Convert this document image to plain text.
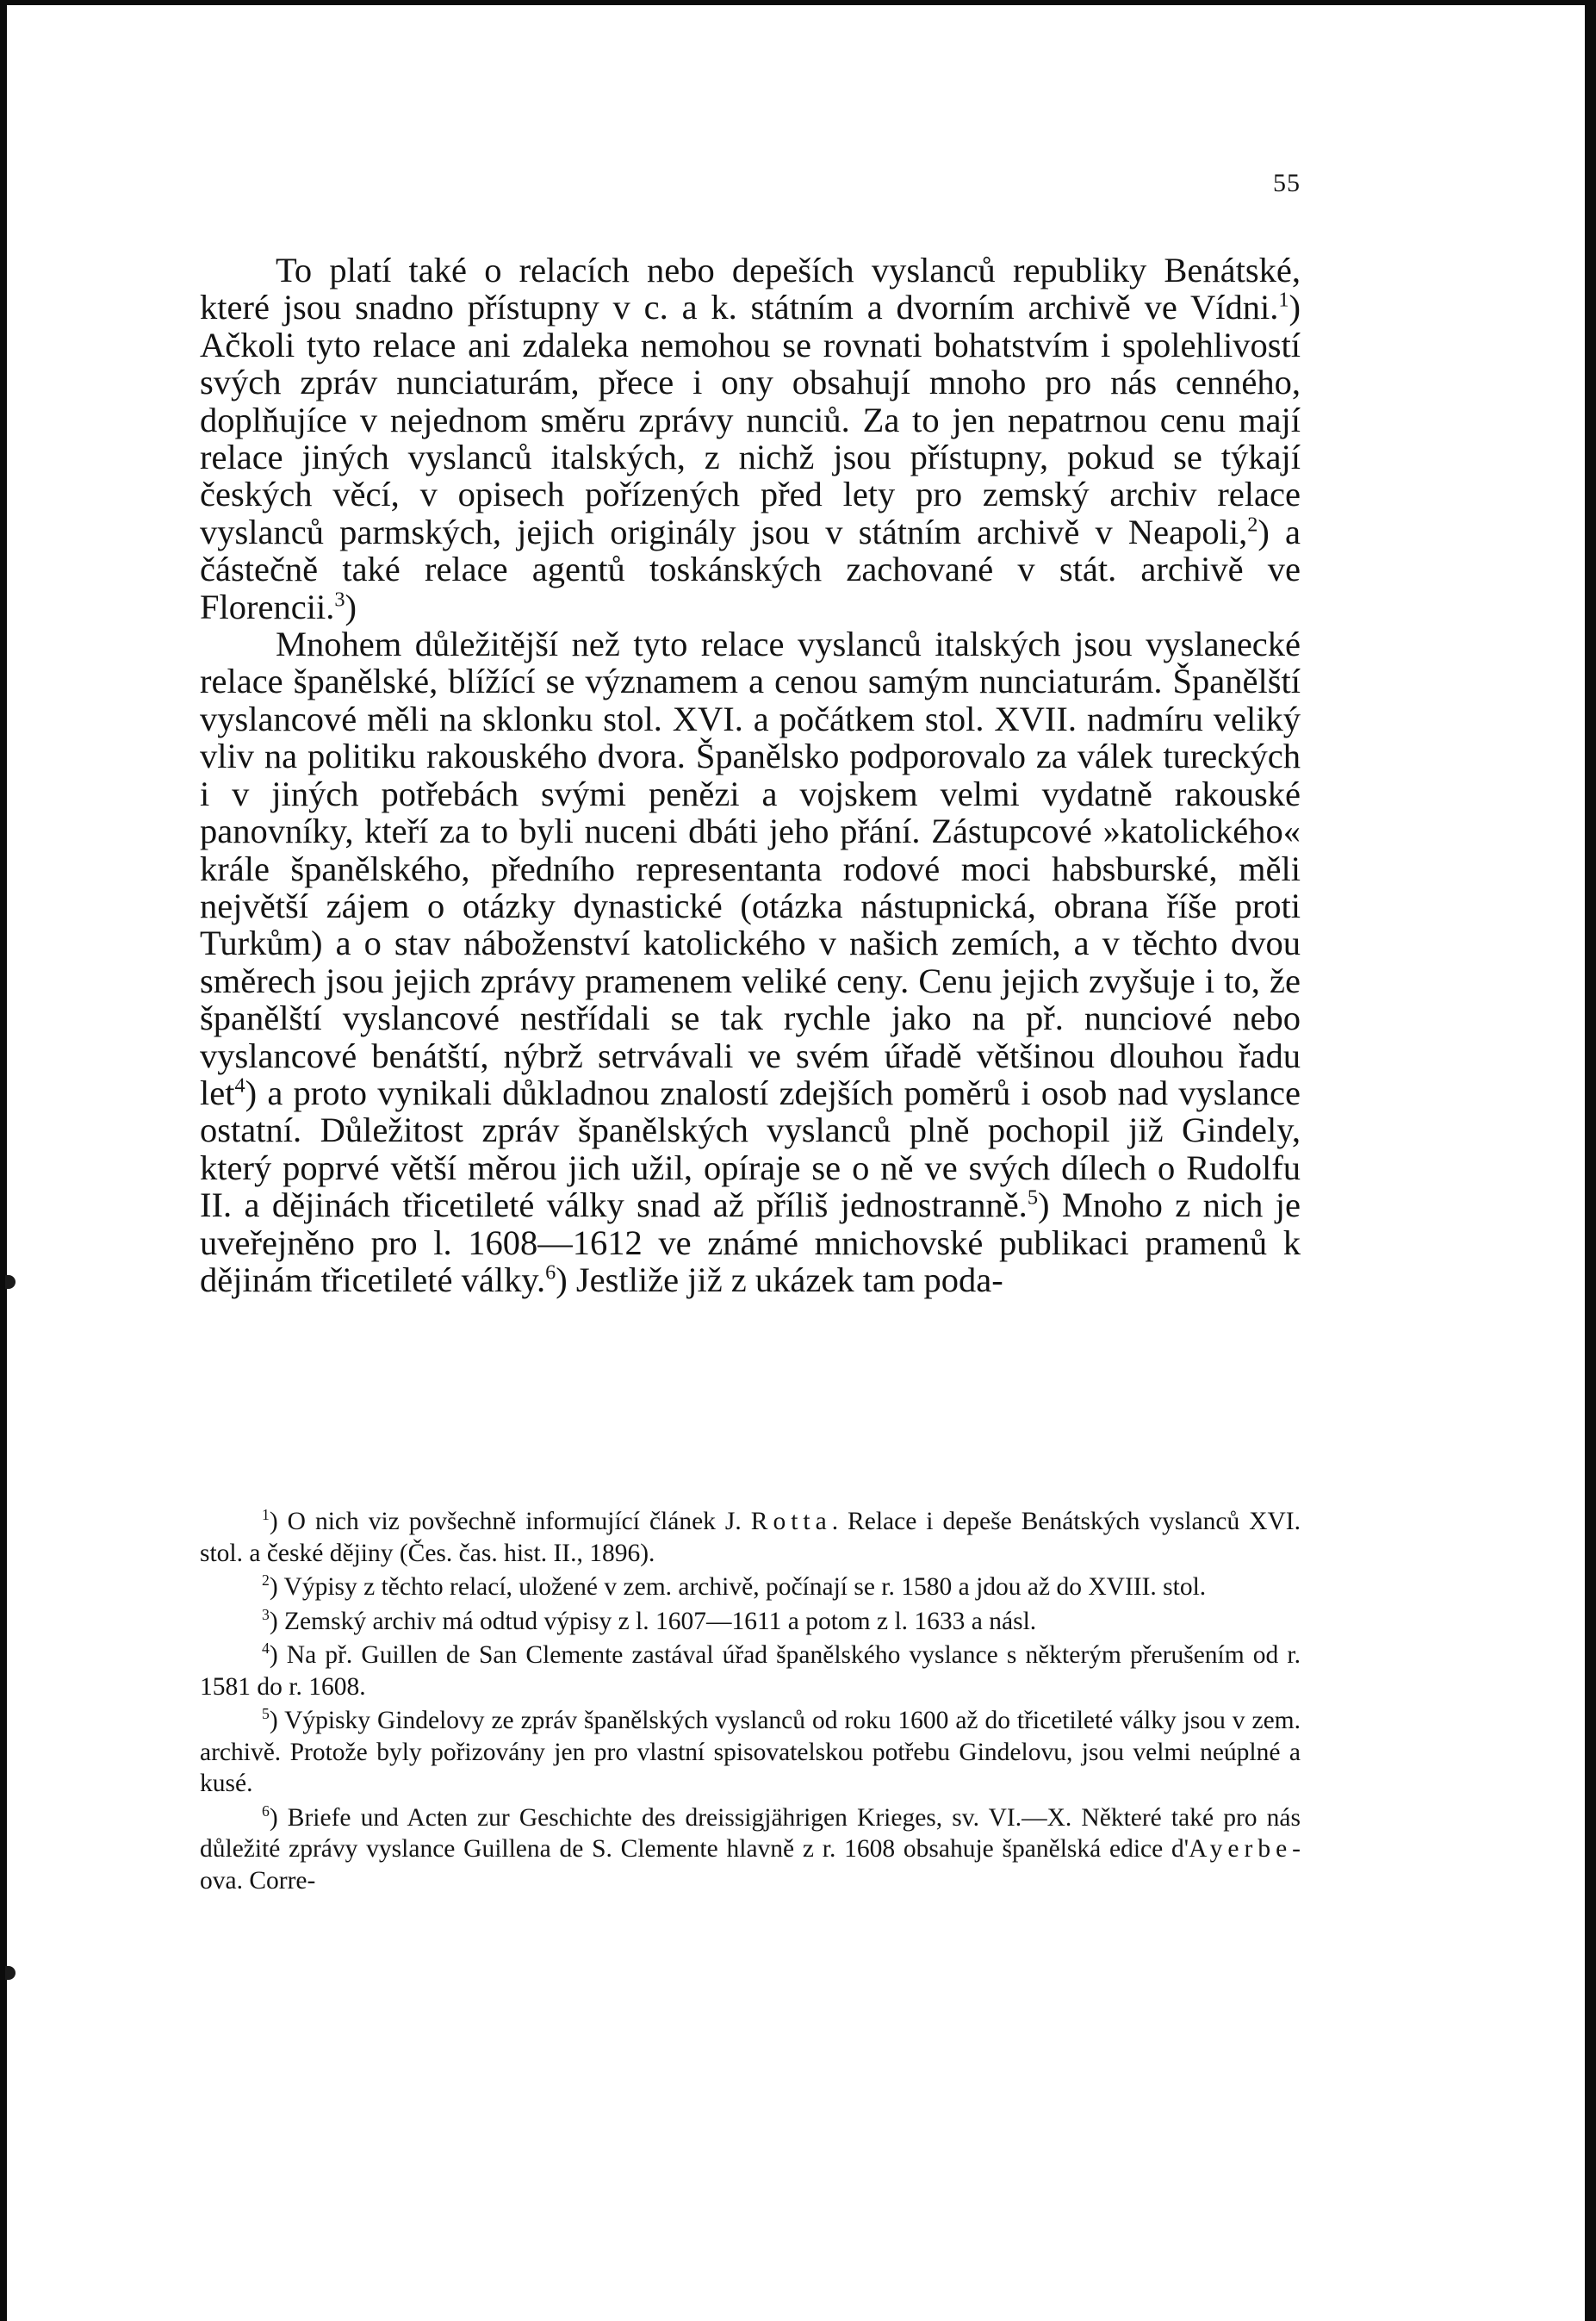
55

To platí také o relacích nebo depeších vyslanců republiky Benátské, které jsou snadno přístupny v c. a k. státním a dvorním archivě ve Vídni.$^1$) Ačkoli tyto relace ani zdaleka nemohou se rovnati bohatstvím i spolehlivostí svých zpráv nunciaturám, přece i ony obsahují mnoho pro nás cenného, doplňujíce v nejednom směru zprávy nunciů. Za to jen nepatrnou cenu mají relace jiných vyslanců italských, z nichž jsou přístupny, pokud se týkají českých věcí, v opisech pořízených před lety pro zemský archiv relace vyslanců parmských, jejich originály jsou v státním archivě v Neapoli,$^2$) a částečně také relace agentů toskánských zachované v stát. archivě ve Florencii.$^3$)

Mnohem důležitější než tyto relace vyslanců italských jsou vyslanecké relace španělské, blížící se významem a cenou samým nunciaturám. Španělští vyslancové měli na sklonku stol. XVI. a počátkem stol. XVII. nadmíru veliký vliv na politiku rakouského dvora. Španělsko podporovalo za válek tureckých i v jiných potřebách svými penězi a vojskem velmi vydatně rakouské panovníky, kteří za to byli nuceni dbáti jeho přání. Zástupcové »katolického« krále španělského, předního representanta rodové moci habsburské, měli největší zájem o otázky dynastické (otázka nástupnická, obrana říše proti Turkům) a o stav náboženství katolického v našich zemích, a v těchto dvou směrech jsou jejich zprávy pramenem veliké ceny. Cenu jejich zvyšuje i to, že španělští vyslancové nestřídali se tak rychle jako na př. nunciové nebo vyslancové benátští, nýbrž setrvávali ve svém úřadě většinou dlouhou řadu let$^4$) a proto vynikali důkladnou znalostí zdejších poměrů i osob nad vyslance ostatní. Důležitost zpráv španělských vyslanců plně pochopil již Gindely, který poprvé větší měrou jich užil, opíraje se o ně ve svých dílech o Rudolfu II. a dějinách třicetileté války snad až příliš jednostranně.$^5$) Mnoho z nich je uveřejněno pro l. 1608—1612 ve známé mnichovské publikaci pramenů k dějinám třicetileté války.$^6$) Jestliže již z ukázek tam poda-

$^1$) O nich viz povšechně informující článek J. Rotta. Relace i depeše Benátských vyslanců XVI. stol. a české dějiny (Čes. čas. hist. II., 1896).

$^2$) Výpisy z těchto relací, uložené v zem. archivě, počínají se r. 1580 a jdou až do XVIII. stol.

$^3$) Zemský archiv má odtud výpisy z l. 1607—1611 a potom z l. 1633 a násl.

$^4$) Na př. Guillen de San Clemente zastával úřad španělského vyslance s některým přerušením od r. 1581 do r. 1608.

$^5$) Výpisky Gindelovy ze zpráv španělských vyslanců od roku 1600 až do třicetileté války jsou v zem. archivě. Protože byly pořizovány jen pro vlastní spisovatelskou potřebu Gindelovu, jsou velmi neúplné a kusé.

$^6$) Briefe und Acten zur Geschichte des dreissigjährigen Krieges, sv. VI.—X. Některé také pro nás důležité zprávy vyslance Guillena de S. Clemente hlavně z r. 1608 obsahuje španělská edice d'Ayerbe-ova. Corre-
